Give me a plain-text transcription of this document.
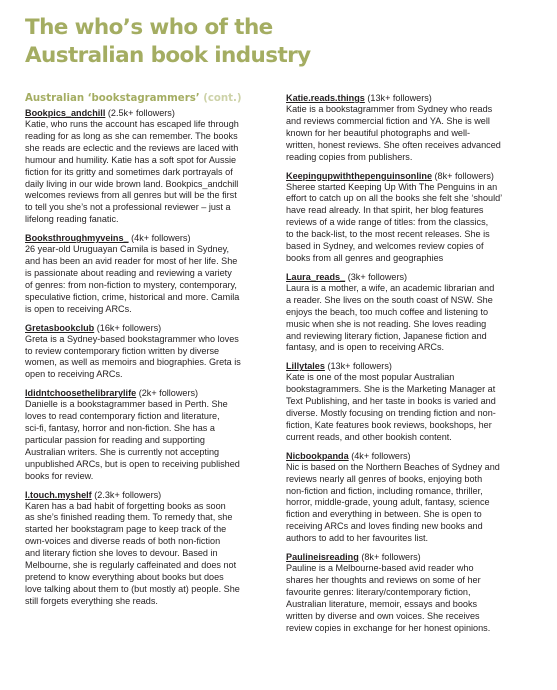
The who’s who of the Australian book industry
Australian ‘bookstagrammers’ (cont.)
Bookpics_andchill (2.5k+ followers)

Katie, who runs the account has escaped life through
reading for as long as she can remember. The books
she reads are eclectic and the reviews are laced with
humour and humility. Katie has a soft spot for Aussie
fiction for its gritty and sometimes dark portrayals of
daily living in our wide brown land. Bookpics_andchill
welcomes reviews from all genres but will be the first
to tell you she’s not a professional reviewer – just a
lifelong reading fanatic.

Booksthroughmyveins_ (4k+ followers)

26 year-old Uruguayan Camila is based in Sydney,
and has been an avid reader for most of her life. She
is passionate about reading and reviewing a variety
of genres: from non-fiction to mystery, contemporary,
speculative fiction, crime, historical and more. Camila
is open to receiving ARCs.

Gretasbookclub (16k+ followers)

Greta is a Sydney-based bookstagrammer who loves
to review contemporary fiction written by diverse
women, as well as memoirs and biographies. Greta is
open to receiving ARCs.

Ididntchoosethelibrarylife (2k+ followers)

Danielle is a bookstagrammer based in Perth. She
loves to read contemporary fiction and literature,
sci-fi, fantasy, horror and non-fiction. She has a
particular passion for reading and supporting
Australian writers. She is currently not accepting
unpublished ARCs, but is open to receiving published
books for review.

I.touch.myshelf (2.3k+ followers)

Karen has a bad habit of forgetting books as soon
as she’s finished reading them. To remedy that, she
started her bookstagram page to keep track of the
own-voices and diverse reads of both non-fiction
and literary fiction she loves to devour. Based in
Melbourne, she is regularly caffeinated and does not
pretend to know everything about books but does
love talking about them to (but mostly at) people. She
still forgets everything she reads.

Katie.reads.things (13k+ followers)

Katie is a bookstagrammer from Sydney who reads
and reviews commercial fiction and YA. She is well
known for her beautiful photographs and well-
written, honest reviews. She often receives advanced
reading copies from publishers.

Keepingupwiththepenguinsonline (8k+ followers)

Sheree started Keeping Up With The Penguins in an
effort to catch up on all the books she felt she ‘should’
have read already. In that spirit, her blog features
reviews of a wide range of titles: from the classics,
to the back-list, to the most recent releases. She is
based in Sydney, and welcomes review copies of
books from all genres and geographies

Laura_reads_ (3k+ followers)

Laura is a mother, a wife, an academic librarian and
a reader. She lives on the south coast of NSW. She
enjoys the beach, too much coffee and listening to
music when she is not reading. She loves reading
and reviewing literary fiction, Japanese fiction and
fantasy, and is open to receiving ARCs.

Lillytales (13k+ followers)

Kate is one of the most popular Australian
bookstagrammers. She is the Marketing Manager at
Text Publishing, and her taste in books is varied and
diverse. Mostly focusing on trending fiction and non-
fiction, Kate features book reviews, bookshops, her
current reads, and other bookish content.

Nicbookpanda (4k+ followers)

Nic is based on the Northern Beaches of Sydney and
reviews nearly all genres of books, enjoying both
non-fiction and fiction, including romance, thriller,
horror, middle-grade, young adult, fantasy, science
fiction and everything in between. She is open to
receiving ARCs and loves finding new books and
authors to add to her favourites list.

Paulineisreading (8k+ followers)

Pauline is a Melbourne-based avid reader who
shares her thoughts and reviews on some of her
favourite genres: literary/contemporary fiction,
Australian literature, memoir, essays and books
written by diverse and own voices. She receives
review copies in exchange for her honest opinions.
